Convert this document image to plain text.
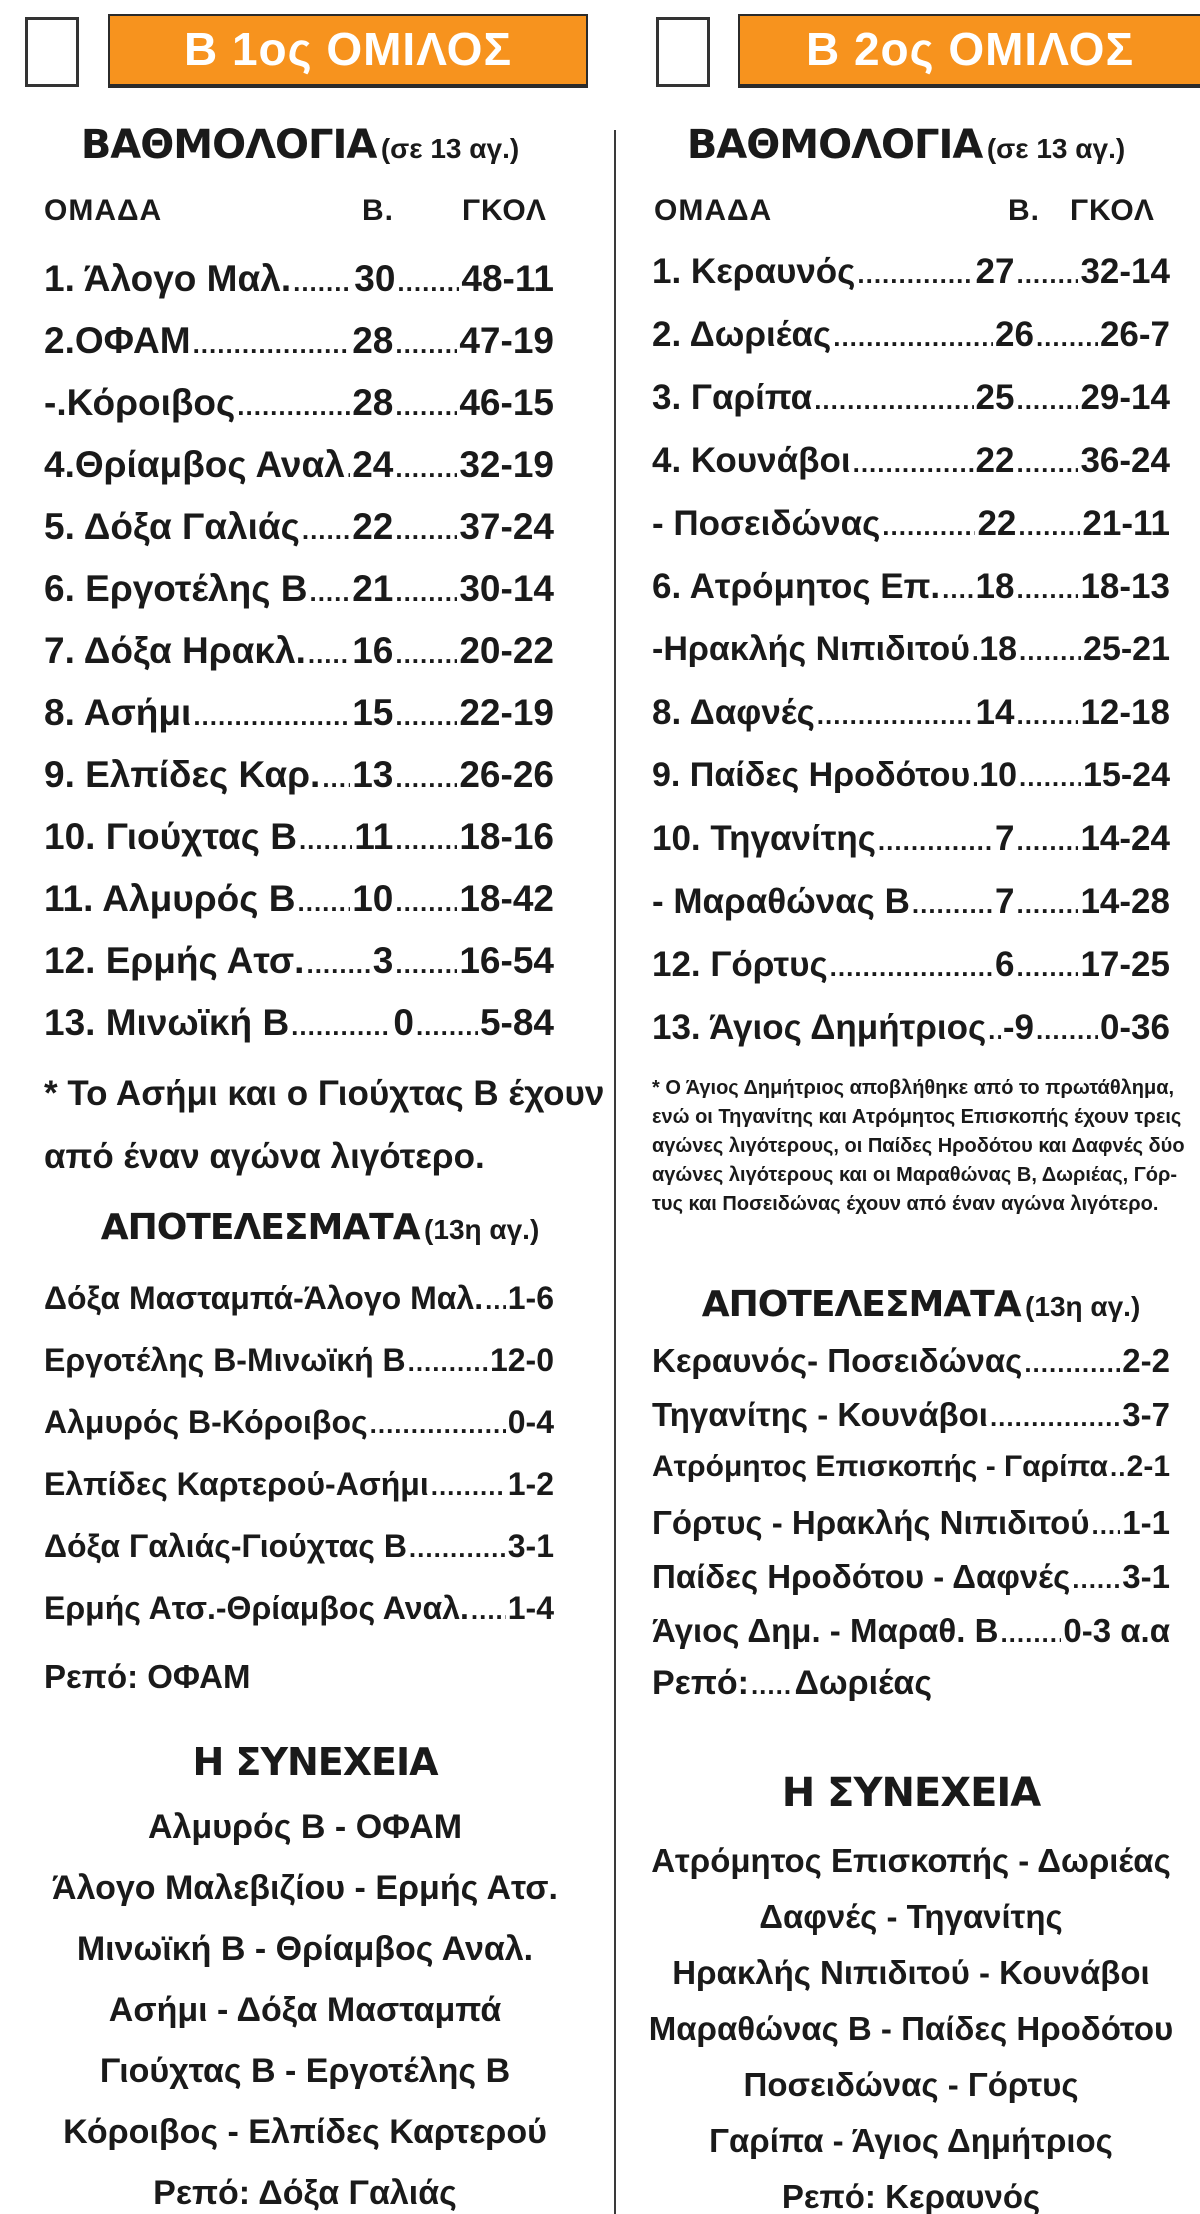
B 1ος ΟΜΙΛΟΣ
ΒΑΘΜΟΛΟΓΙΑ (σε 13 αγ.)
ΟΜΑΔΑ	Β. ΓΚΟΛ
1. Άλογο Μαλ. ..... 30 ..... 48-11
2.ΟΦΑΜ .....	28 ..... 47-19
-.Κόροιβος .....	28 ..... 46-15
4.Θρίαμβος Αναλ ..... 24 ..... 32-19
5. Δόξα Γαλιάς ..... 22 ..... 37-24
6. Εργοτέλης Β ..... 21 ..... 30-14
7. Δόξα Ηρακλ. ..... 16 ..... 20-22
8. Ασήμι .....	15 ..... 22-19
9. Ελπίδες Καρ. ..... 13 ..... 26-26
10. Γιούχτας Β ..... 11 ..... 18-16
11. Αλμυρός Β ..... 10 ..... 18-42
12. Ερμής Ατσ. ..... 3 ..... 16-54
13. Μινωϊκή Β .....	0 ..... 5-84
* Το Ασήμι και ο Γιούχτας Β έχουν
από έναν αγώνα λιγότερο.
ΑΠΟΤΕΛΕΣΜΑΤΑ (13η αγ.)
Δόξα Μασταμπά-Άλογο Μαλ. ..... 1-6
Εργοτέλης Β-Μινωϊκή Β .....	12-0
Αλμυρός Β-Κόροιβος .....	0-4
Ελπίδες Καρτερού-Ασήμι ..... 1-2
Δόξα Γαλιάς-Γιούχτας Β .....	3-1
Ερμής Ατσ.-Θρίαμβος Αναλ. ..... 1-4
Ρεπό: ΟΦΑΜ
Η ΣΥΝΕΧΕΙΑ
Αλμυρός Β - ΟΦΑΜ
Άλογο Μαλεβιζίου - Ερμής Ατσ.
Μινωϊκή Β - Θρίαμβος Αναλ.
Ασήμι - Δόξα Μασταμπά
Γιούχτας Β - Εργοτέλης Β
Κόροιβος - Ελπίδες Καρτερού
Ρεπό: Δόξα Γαλιάς
B 2ος ΟΜΙΛΟΣ
ΒΑΘΜΟΛΟΓΙΑ (σε 13 αγ.)
ΟΜΑΔΑ	Β. ΓΚΟΛ
1. Κεραυνός .....	27 ..... 32-14
2. Δωριέας .....	26 ..... 26-7
3. Γαρίπα .....	25 ..... 29-14
4. Κουνάβοι .....	22 ..... 36-24
- Ποσειδώνας .....	22 ..... 21-11
6. Ατρόμητος Επ. ..... 18 ..... 18-13
-Ηρακλής Νιπιδιτού ..... 18 ..... 25-21
8. Δαφνές .....	14 ..... 12-18
9. Παίδες Ηροδότου ..... 10 ..... 15-24
10. Τηγανίτης .....	7 ..... 14-24
- Μαραθώνας Β ..... 7 ..... 14-28
12. Γόρτυς .....	6 ..... 17-25
13. Άγιος Δημήτριος ..... -9 ..... 0-36
* Ο Άγιος Δημήτριος αποβλήθηκε από το πρωτάθλημα,
ενώ οι Τηγανίτης και Ατρόμητος Επισκοπής έχουν τρεις
αγώνες λιγότερους, οι Παίδες Ηροδότου και Δαφνές δύο
αγώνες λιγότερους και οι Μαραθώνας Β, Δωριέας, Γόρ-
τυς και Ποσειδώνας έχουν από έναν αγώνα λιγότερο.
ΑΠΟΤΕΛΕΣΜΑΤΑ (13η αγ.)
Κεραυνός- Ποσειδώνας .....	2-2
Τηγανίτης - Κουνάβοι .....	3-7
Ατρόμητος Επισκοπής - Γαρίπα ..... 2-1
Γόρτυς - Ηρακλής Νιπιδιτού ..... 1-1
Παίδες Ηροδότου - Δαφνές ..... 3-1
Άγιος Δημ. - Μαραθ. Β ..... 0-3 α.α
Ρεπό: ..... Δωριέας
Η ΣΥΝΕΧΕΙΑ
Ατρόμητος Επισκοπής - Δωριέας
Δαφνές - Τηγανίτης
Ηρακλής Νιπιδιτού - Κουνάβοι
Μαραθώνας Β - Παίδες Ηροδότου
Ποσειδώνας - Γόρτυς
Γαρίπα - Άγιος Δημήτριος
Ρεπό: Κεραυνός
